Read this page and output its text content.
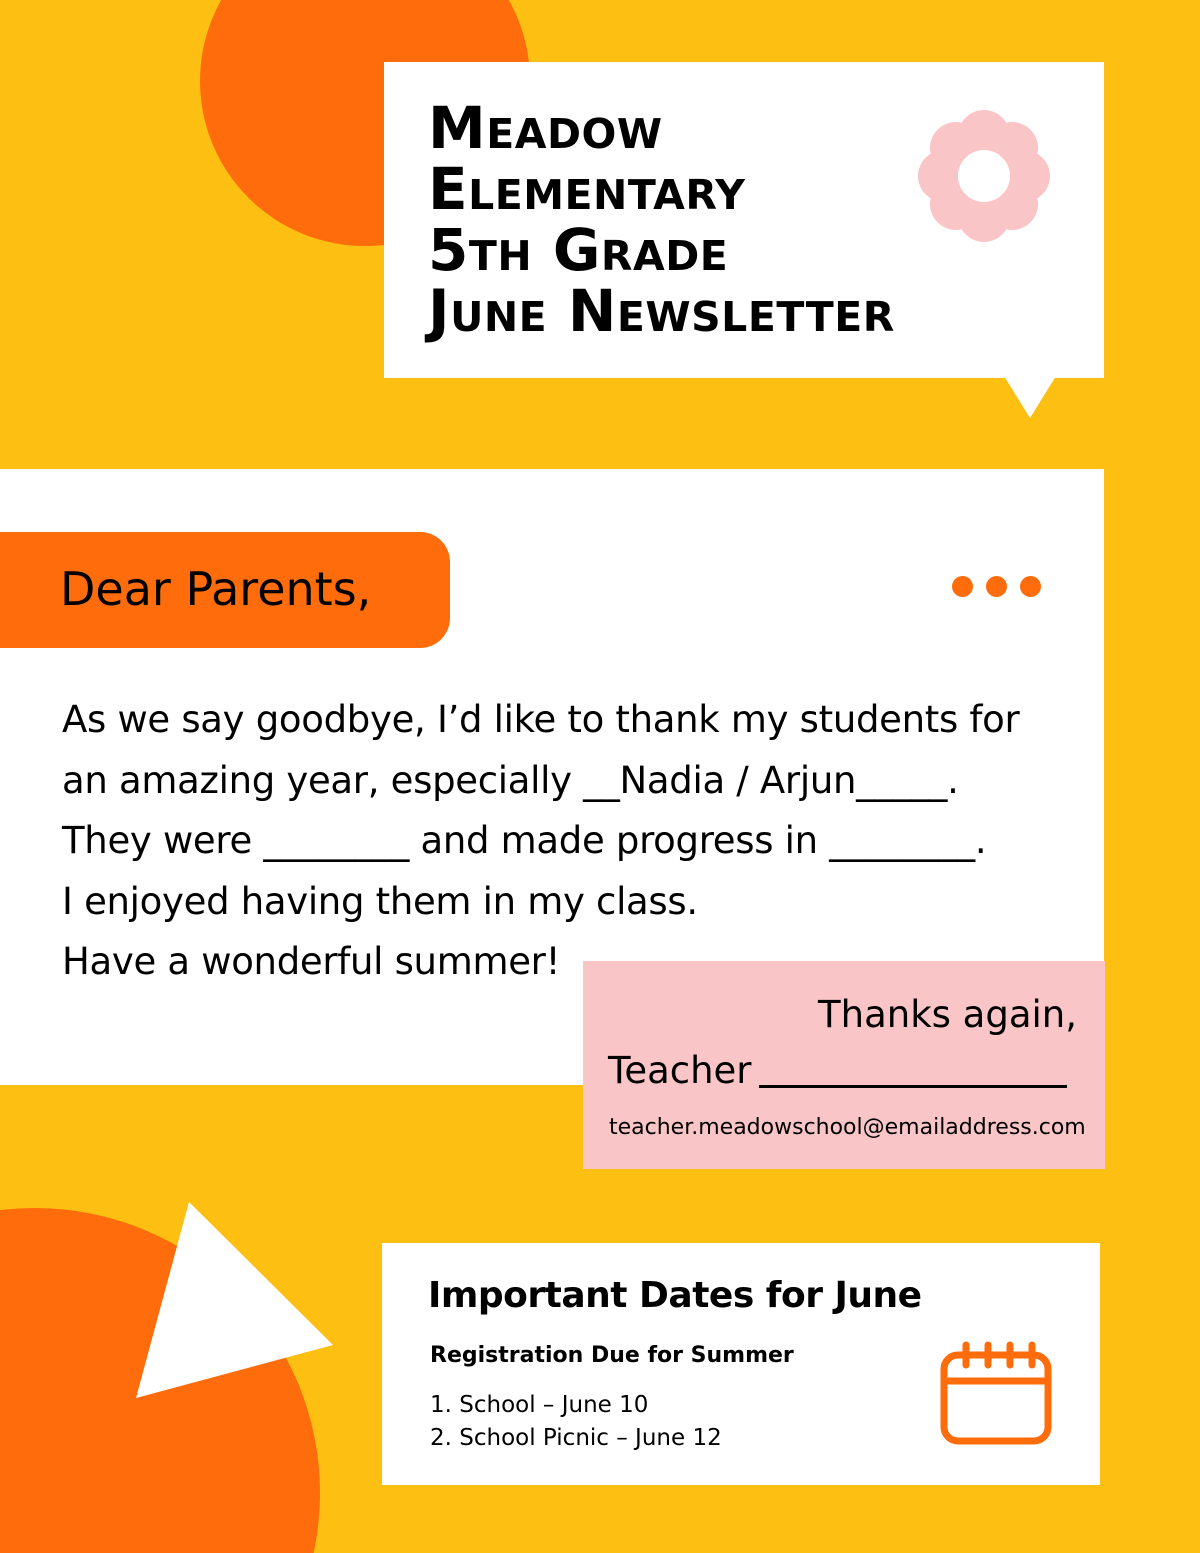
Meadow
Elementary
5th Grade
June Newsletter
Dear Parents,

As we say goodbye, I’d like to thank my students for
an amazing year, especially __Nadia / Arjun_____.
They were ________ and made progress in ________.
I enjoyed having them in my class.
Have a wonderful summer!

Thanks again,

Teacher

teacher.meadowschool@emailaddress.com

Important Dates for June

Registration Due for Summer

1. School – June 10
2. School Picnic – June 12
